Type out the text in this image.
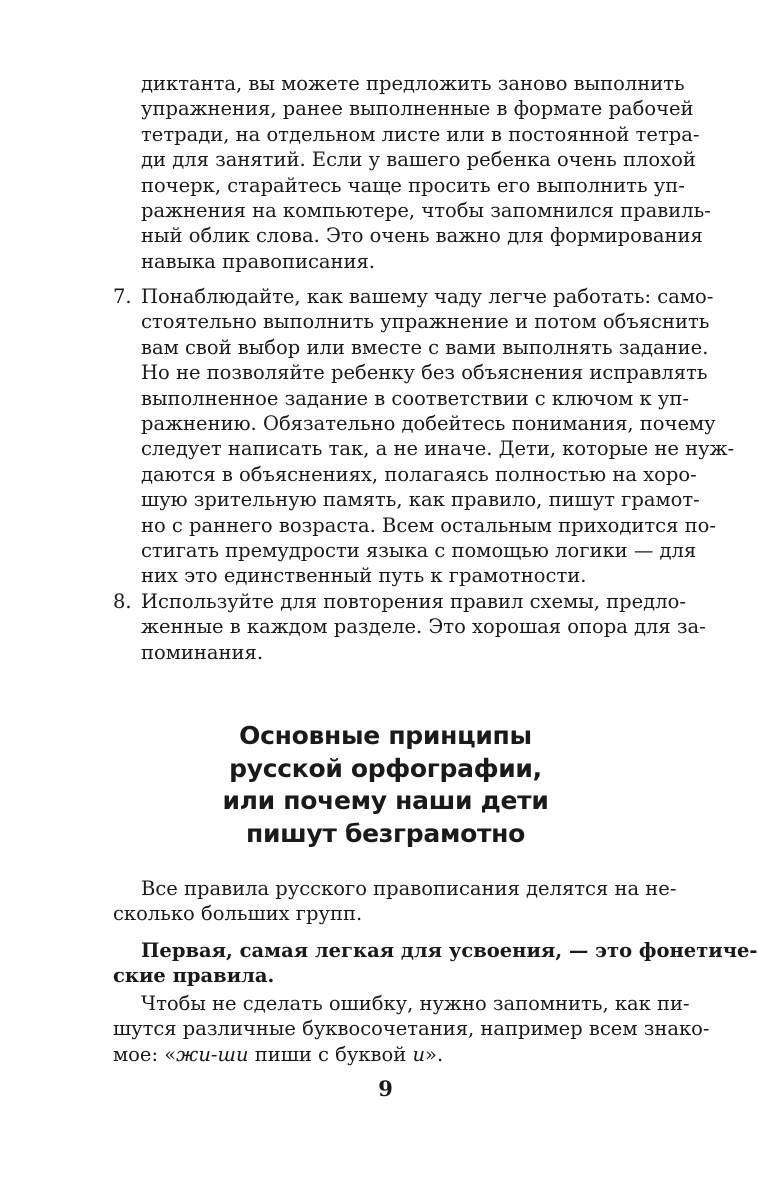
диктанта, вы можете предложить заново выполнить
упражнения, ранее выполненные в формате рабочей
тетради, на отдельном листе или в постоянной тетра-
ди для занятий. Если у вашего ребенка очень плохой
почерк, старайтесь чаще просить его выполнить уп-
ражнения на компьютере, чтобы запомнился правиль-
ный облик слова. Это очень важно для формирования
навыка правописания.
7. Понаблюдайте, как вашему чаду легче работать: само-
стоятельно выполнить упражнение и потом объяснить
вам свой выбор или вместе с вами выполнять задание.
Но не позволяйте ребенку без объяснения исправлять
выполненное задание в соответствии с ключом к уп-
ражнению. Обязательно добейтесь понимания, почему
следует написать так, а не иначе. Дети, которые не нуж-
даются в объяснениях, полагаясь полностью на хоро-
шую зрительную память, как правило, пишут грамот-
но с раннего возраста. Всем остальным приходится по-
стигать премудрости языка с помощью логики — для
них это единственный путь к грамотности.
8. Используйте для повторения правил схемы, предло-
женные в каждом разделе. Это хорошая опора для за-
поминания.
Основные принципы
русской орфографии,
или почему наши дети
пишут безграмотно
Все правила русского правописания делятся на не-
сколько больших групп.
Первая, самая легкая для усвоения, — это фонетиче-
ские правила.
Чтобы не сделать ошибку, нужно запомнить, как пи-
шутся различные буквосочетания, например всем знако-
мое: «жи-ши пиши с буквой и».
9
